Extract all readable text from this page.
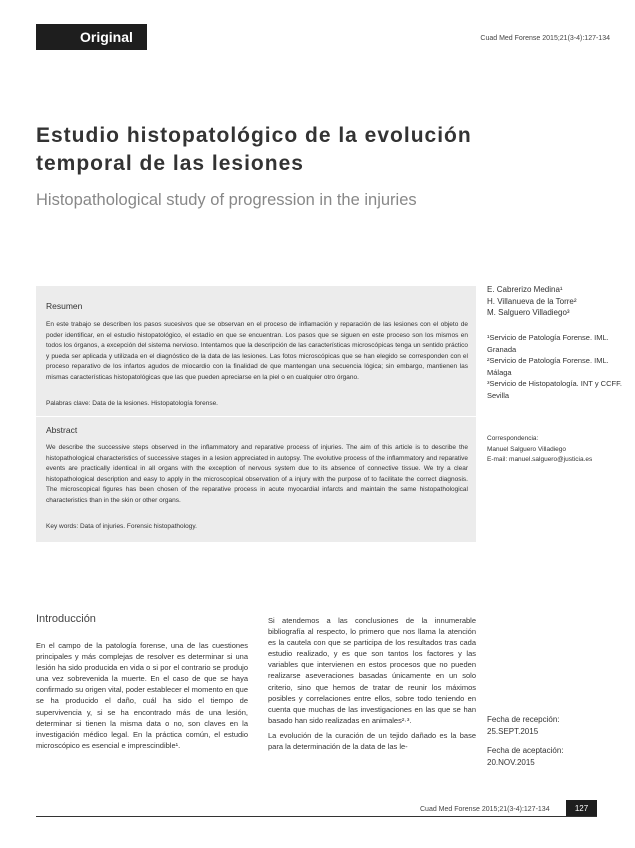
Original	Cuad Med Forense 2015;21(3-4):127-134
Estudio histopatológico de la evolución temporal de las lesiones
Histopathological study of progression in the injuries
Resumen

En este trabajo se describen los pasos sucesivos que se observan en el proceso de inflamación y reparación de las lesiones con el objeto de poder identificar, en el estudio histopatológico, el estadío en que se encuentran. Los pasos que se siguen en este proceso son los mismos en todos los órganos, a excepción del sistema nervioso. Intentamos que la descripción de las características microscópicas tenga un sentido práctico y pueda ser aplicada y utilizada en el diagnóstico de la data de las lesiones. Las fotos microscópicas que se han elegido se corresponden con el proceso reparativo de los infartos agudos de miocardio con la finalidad de que mantengan una secuencia lógica; sin embargo, mantienen las mismas características histopatológicas que las que pueden apreciarse en la piel o en cualquier otro órgano.

Palabras clave: Data de la lesiones. Histopatología forense.
Abstract

We describe the successive steps observed in the inflammatory and reparative process of injuries. The aim of this article is to describe the histopathological characteristics of successive stages in a lesion appreciated in autopsy. The evolutive process of the inflammatory and reparative events are practically identical in all organs with the exception of nervous system due to its absence of connective tissue. We try a clear histopathological description and easy to apply in the microscopical observation of a injury with the purpose of to facilitate the correct diagnosis. The microscopical figures has been chosen of the reparative process in acute myocardial infarcts and maintain the same histopathological characteristics than in the skin or other organs.

Key words: Data of injuries. Forensic histopathology.
E. Cabrerizo Medina¹
H. Villanueva de la Torre²
M. Salguero Villadiego³
¹Servicio de Patología Forense. IML. Granada
²Servicio de Patología Forense. IML. Málaga
³Servicio de Histopatología. INT y CCFF. Sevilla
Correspondencia:
Manuel Salguero Villadiego
E-mail: manuel.salguero@justicia.es
Introducción

En el campo de la patología forense, una de las cuestiones principales y más complejas de resolver es determinar si una lesión ha sido producida en vida o si por el contrario se produjo una vez sobrevenida la muerte. En el caso de que se haya confirmado su origen vital, poder establecer el momento en que se ha producido el daño, cuál ha sido el tiempo de supervivencia y, si se ha encontrado más de una lesión, determinar si tienen la misma data o no, son claves en la investigación médico legal. En la práctica común, el estudio microscópico es esencial e imprescindible¹.

Si atendemos a las conclusiones de la innumerable bibliografía al respecto, lo primero que nos llama la atención es la cautela con que se participa de los resultados tras cada estudio realizado, y es que son tantos los factores y las variables que intervienen en estos procesos que no pueden realizarse aseveraciones basadas únicamente en un solo criterio, sino que hemos de tratar de reunir los máximos posibles y correlaciones entre ellos, sobre todo teniendo en cuenta que muchas de las investigaciones en las que se han basado han sido realizadas en animales²·³.

La evolución de la curación de un tejido dañado es la base para la determinación de la data de las le-

Fecha de recepción:
25.SEPT.2015
Fecha de aceptación:
20.NOV.2015
Cuad Med Forense 2015;21(3-4):127-134	127
